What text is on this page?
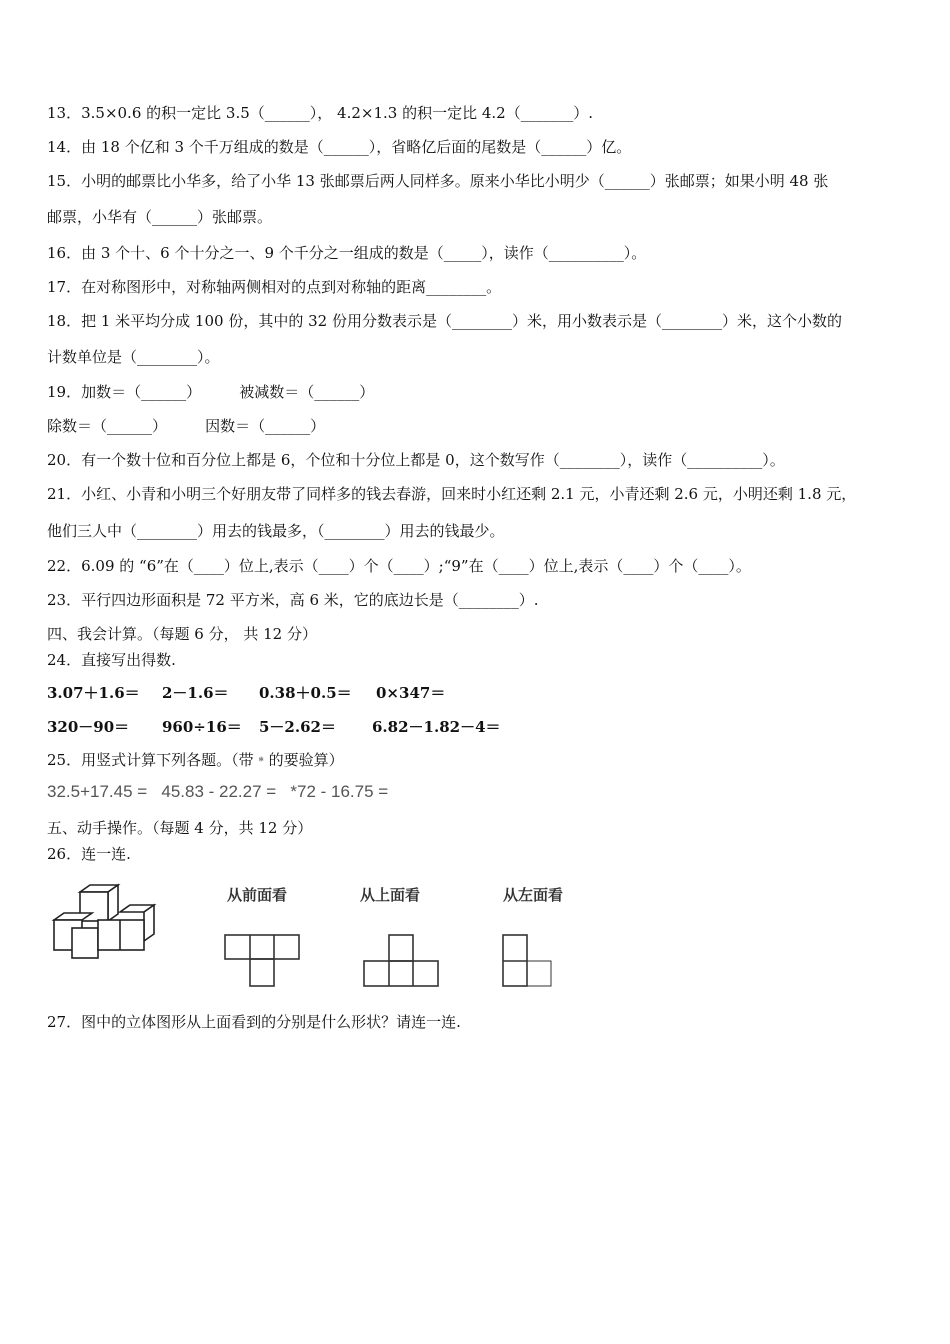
13．3.5×0.6 的积一定比 3.5（______）， 4.2×1.3 的积一定比 4.2（_______）.
14．由 18 个亿和 3 个千万组成的数是（______），省略亿后面的尾数是（______）亿。
15．小明的邮票比小华多，给了小华 13 张邮票后两人同样多。原来小华比小明少（______）张邮票；如果小明 48 张
邮票，小华有（______）张邮票。
16．由 3 个十、6 个十分之一、9 个千分之一组成的数是（_____），读作（__________）。
17．在对称图形中，对称轴两侧相对的点到对称轴的距离________。
18．把 1 米平均分成 100 份，其中的 32 份用分数表示是（________）米，用小数表示是（________）米，这个小数的
计数单位是（________）。
19．加数＝（______）        被减数＝（______）
除数＝（______）        因数＝（______）
20．有一个数十位和百分位上都是 6，个位和十分位上都是 0，这个数写作（________），读作（__________）。
21．小红、小青和小明三个好朋友带了同样多的钱去春游，回来时小红还剩 2.1 元，小青还剩 2.6 元，小明还剩 1.8 元，
他们三人中（________）用去的钱最多，（________）用去的钱最少。
22．6.09 的 “6”在（____）位上,表示（____）个（____）;“9”在（____）位上,表示（____）个（____）。
23．平行四边形面积是 72 平方米，高 6 米，它的底边长是（________）.
四、我会计算。（每题 6 分， 共 12 分）
24．直接写出得数.
3.07＋1.6＝ 2－1.6＝ 0.38＋0.5＝ 0×347＝
320－90＝ 960÷16＝ 5－2.62＝ 6.82－1.82－4＝
25．用竖式计算下列各题。（带﹡的要验算）
32.5+17.45 =   45.83 - 22.27 =   *72 - 16.75 =
五、动手操作。（每题 4 分，共 12 分）
26．连一连.
从前面看	从上面看	从左面看
27．图中的立体图形从上面看到的分别是什么形状？请连一连.
